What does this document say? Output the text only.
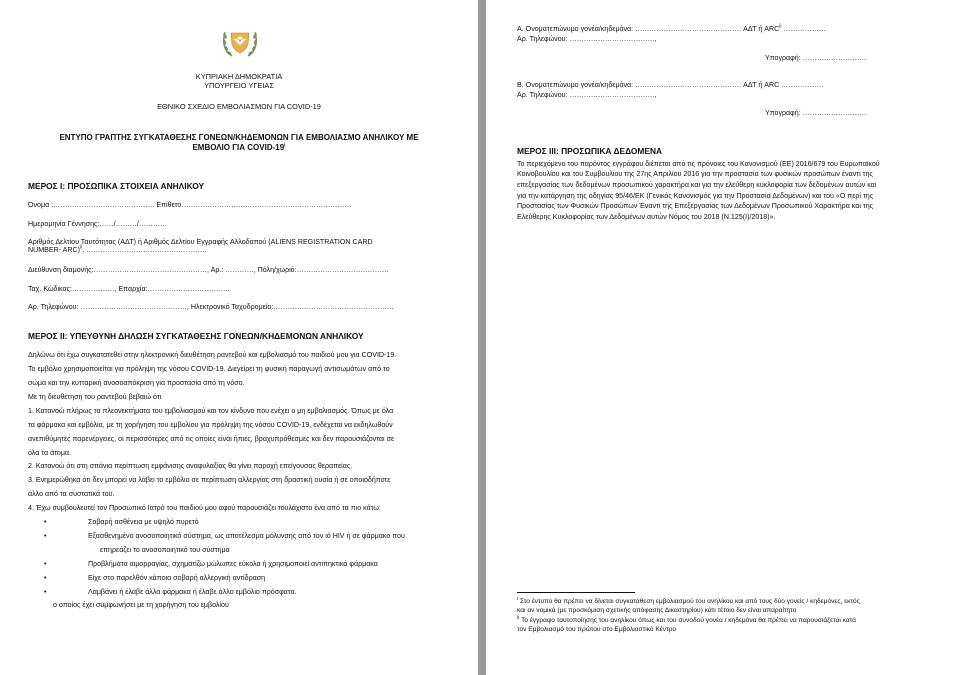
ΚΥΠΡΙΑΚΗ ΔΗΜΟΚΡΑΤΙΑ
ΥΠΟΥΡΓΕΙΟ ΥΓΕΙΑΣ
ΕΘΝΙΚΟ ΣΧΕΔΙΟ ΕΜΒΟΛΙΑΣΜΩΝ ΓΙΑ COVID-19
ΕΝΤΥΠΟ ΓΡΑΠΤΗΣ ΣΥΓΚΑΤΑΘΕΣΗΣ ΓΟΝΕΩΝ/ΚΗΔΕΜΟΝΩΝ ΓΙΑ ΕΜΒΟΛΙΑΣΜΟ ΑΝΗΛΙΚΟΥ ΜΕ
ΕΜΒΟΛΙΟ ΓΙΑ COVID-19$^i$
ΜΕΡΟΣ Ι: ΠΡΟΣΩΠΙΚΑ ΣΤΟΙΧΕΙΑ ΑΝΗΛΙΚΟΥ
Όνομα :……………………………………. Επίθετο………………………………………………………………
Ημερομηνία Γέννησης:……/………/…………
Αριθμός Δελτίου Ταυτότητας (ΑΔΤ) ή Αριθμός Δελτίου Εγγραφής Αλλοδαπού (ALIENS REGISTRATION CARD
NUMBER- ARC)$^{ii}$. ……………………………………………
Διεύθυνση διαμονής:…………………………………………, Αρ.: …………, Πόλη/χωριό:…………………………………
Ταχ. Κώδικας:………………, Επαρχία:……………………………..
Αρ. Τηλεφώνου: ………………………………………, Ηλεκτρονικό Ταχυδρομείο:……………………………………………
ΜΕΡΟΣ ΙΙ: ΥΠΕΥΘΥΝΗ ΔΗΛΩΣΗ ΣΥΓΚΑΤΑΘΕΣΗΣ ΓΟΝΕΩΝ/ΚΗΔΕΜΟΝΩΝ ΑΝΗΛΙΚΟΥ
Δηλώνω ότι έχω συγκατατεθεί στην ηλεκτρονική διευθέτηση ραντεβού και εμβολιασμό του παιδιού μου για COVID-19.
Το εμβόλιο χρησιμοποιείται για πρόληψη της νόσου COVID-19. Διεγείρει τη φυσική παραγωγή αντισωμάτων από το
σώμα και την κυτταρική ανοσοαπόκριση για προστασία από τη νόσο.
Με τη διευθέτηση του ραντεβού βεβαιώ ότι
1. Κατανοώ πλήρως τα πλεονεκτήματα του εμβολιασμού και τον κίνδυνο που ενέχει ο μη εμβολιασμός. Όπως με όλα
τα φάρμακα και εμβόλια, με τη χορήγηση του εμβολίου για πρόληψη της νόσου COVID-19, ενδέχεται να εκδηλωθούν
ανεπιθύμητες παρενέργειες, οι περισσότερες από τις οποίες είναι ήπιες, βραχυπρόθεσμες και δεν παρουσιάζονται σε
όλα τα άτομα.
2. Κατανοώ ότι στη σπάνια περίπτωση εμφάνισης αναφυλαξίας θα γίνει παροχή επείγουσας θεραπείας.
3. Ενημερώθηκα ότι δεν μπορεί να λάβει το εμβόλιο σε περίπτωση αλλεργίας στη δραστική ουσία ή σε οποιοδήποτε
άλλο από τα συστατικά του.
4. Έχω συμβουλευτεί τον Προσωπικό Ιατρό του παιδιού μου αφού παρουσιάζει τουλάχιστο ένα από τα πιο κάτω:
•	Σοβαρή ασθένεια με υψηλό πυρετό
•	Εξασθενημένο ανοσοποιητικό σύστημα, ως αποτέλεσμα μόλυνσης από τον ιό HIV ή σε φάρμακο που
επηρεάζει το ανοσοποιητικό του σύστημα
•	Προβλήματα αιμορραγίας, σχηματίζω μώλωπες εύκολα ή χρησιμοποιεί αντιπηκτικά φάρμακα
•	Είχε στο παρελθόν κάποια σοβαρή αλλεργική αντίδραση
•	Λαμβάνει ή έλαβε άλλα φάρμακα ή έλαβε άλλο εμβόλιο πρόσφατα.
ο οποίος έχει συμφωνήσει με τη χορήγηση του εμβολίου
Α. Ονοματεπώνυμο γονέα/κηδεμόνα: ……………………………………… ΑΔΤ ή ARC$^{ii}$ ………………
Αρ. Τηλεφώνου: ………………………………,
Υπογραφή: ………………………
Β. Ονοματεπώνυμο γονέα/κηδεμόνα: ……………………………………… ΑΔΤ ή ARC ………………
Αρ. Τηλεφώνου: ………………………………,
Υπογραφή: ………………………
ΜΕΡΟΣ ΙΙΙ: ΠΡΟΣΩΠΙΚΑ ΔΕΔΟΜΕΝΑ
Το περιεχόμενο του παρόντος εγγράφου διέπεται από τις πρόνοιες του Κανονισμού (ΕΕ) 2016/679 του Ευρωπαϊκού
Κοινοβουλίου και του Συμβουλίου της 27ης Απριλίου 2016 για την προστασία των φυσικών προσώπων έναντι της
επεξεργασίας των δεδομένων προσωπικού χαρακτήρα και για την ελεύθερη κυκλοφορία των δεδομένων αυτών και
για την κατάργηση της οδηγίας 95/46/ΕΚ (Γενικός Κανονισμός για την Προστασία Δεδομένων) και του «Ο περί της
Προστασίας των Φυσικών Προσώπων Έναντι της Επεξεργασίας των Δεδομένων Προσωπικού Χαρακτήρα και της
Ελεύθερης Κυκλοφορίας των Δεδομένων αυτών Νόμος του 2018 (Ν.125(Ι)/2018)».
$^i$ Στο έντυπο θα πρέπει να δίνεται συγκατάθεση εμβολιασμού του ανηλίκου και από τους δύο γονείς / κηδεμόνες, εκτός
και αν νομικά (με προσκόμιση σχετικής απόφασης Δικαστηρίου) κάτι τέτοιο δεν είναι απαραίτητο
$^{ii}$ Το έγγραφο ταυτοποίησης του ανηλίκου όπως και του συνοδού γονέα / κηδεμόνα θα πρέπει να παρουσιάζεται κατά
τον Εμβολιασμό του πρώτου στο Εμβολιαστικό Κέντρο
